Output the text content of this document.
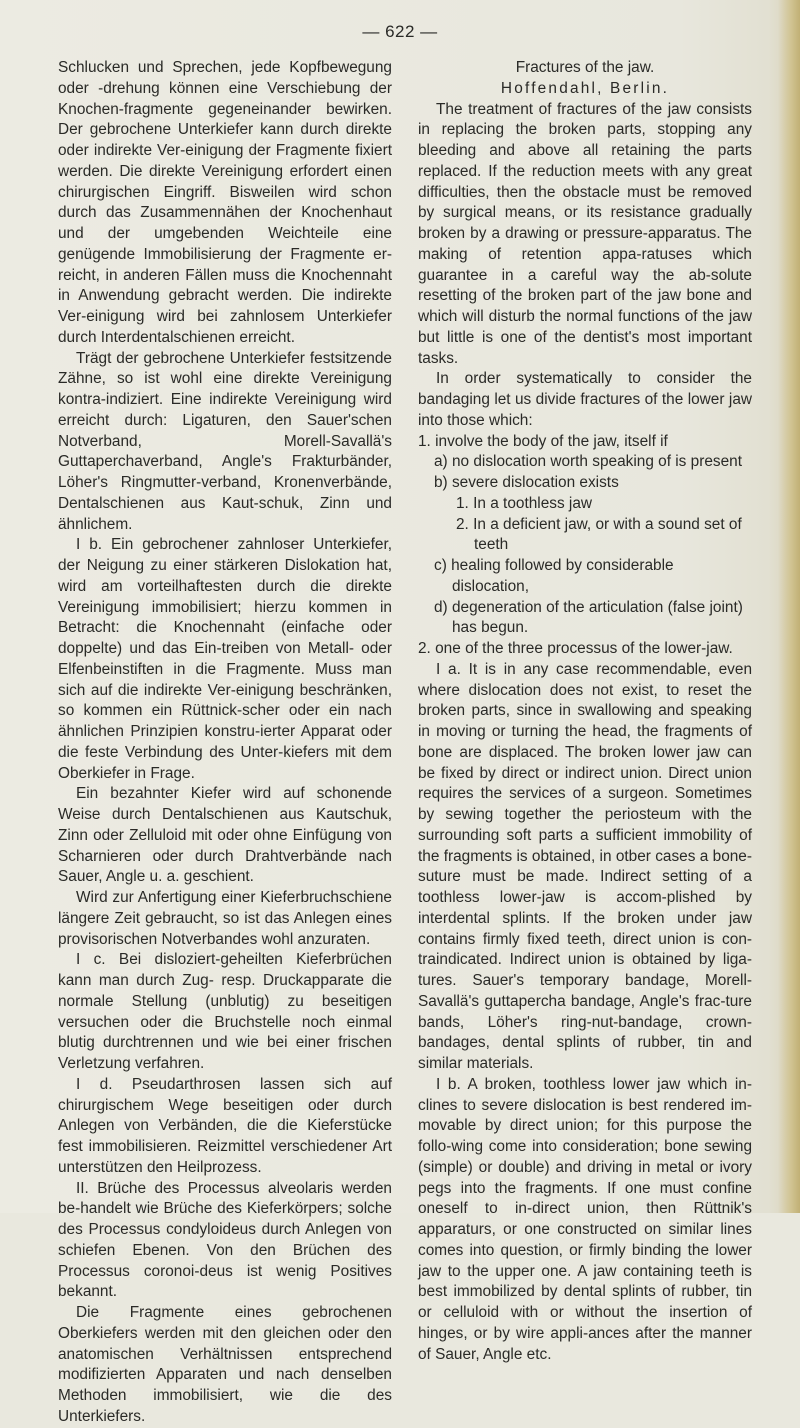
— 622 —

Schlucken und Sprechen, jede Kopfbewegung oder -drehung können eine Verschiebung der Knochen-fragmente gegeneinander bewirken. Der gebrochene Unterkiefer kann durch direkte oder indirekte Ver-einigung der Fragmente fixiert werden. Die direkte Vereinigung erfordert einen chirurgischen Eingriff. Bisweilen wird schon durch das Zusammennähen der Knochenhaut und der umgebenden Weichteile eine genügende Immobilisierung der Fragmente er-reicht, in anderen Fällen muss die Knochennaht in Anwendung gebracht werden. Die indirekte Ver-einigung wird bei zahnlosem Unterkiefer durch Interdentalschienen erreicht.

Trägt der gebrochene Unterkiefer festsitzende Zähne, so ist wohl eine direkte Vereinigung kontra-indiziert. Eine indirekte Vereinigung wird erreicht durch: Ligaturen, den Sauer'schen Notverband, Morell-Savallä's Guttaperchaverband, Angle's Frakturbänder, Löher's Ringmutter-verband, Kronenverbände, Dentalschienen aus Kaut-schuk, Zinn und ähnlichem.

I b. Ein gebrochener zahnloser Unterkiefer, der Neigung zu einer stärkeren Dislokation hat, wird am vorteilhaftesten durch die direkte Vereinigung immobilisiert; hierzu kommen in Betracht: die Knochennaht (einfache oder doppelte) und das Ein-treiben von Metall- oder Elfenbeinstiften in die Fragmente. Muss man sich auf die indirekte Ver-einigung beschränken, so kommen ein Rüttnick-scher oder ein nach ähnlichen Prinzipien konstru-ierter Apparat oder die feste Verbindung des Unter-kiefers mit dem Oberkiefer in Frage.

Ein bezahnter Kiefer wird auf schonende Weise durch Dentalschienen aus Kautschuk, Zinn oder Zelluloid mit oder ohne Einfügung von Scharnieren oder durch Drahtverbände nach Sauer, Angle u. a. geschient.

Wird zur Anfertigung einer Kieferbruchschiene längere Zeit gebraucht, so ist das Anlegen eines provisorischen Notverbandes wohl anzuraten.

I c. Bei disloziert-geheilten Kieferbrüchen kann man durch Zug- resp. Druckapparate die normale Stellung (unblutig) zu beseitigen versuchen oder die Bruchstelle noch einmal blutig durchtrennen und wie bei einer frischen Verletzung verfahren.

I d. Pseudarthrosen lassen sich auf chirurgischem Wege beseitigen oder durch Anlegen von Verbänden, die die Kieferstücke fest immobilisieren. Reizmittel verschiedener Art unterstützen den Heilprozess.

II. Brüche des Processus alveolaris werden be-handelt wie Brüche des Kieferkörpers; solche des Processus condyloideus durch Anlegen von schiefen Ebenen. Von den Brüchen des Processus coronoi-deus ist wenig Positives bekannt.

Die Fragmente eines gebrochenen Oberkiefers werden mit den gleichen oder den anatomischen Verhältnissen entsprechend modifizierten Apparaten und nach denselben Methoden immobilisiert, wie die des Unterkiefers.

Fractures of the jaw.

Hoffendahl, Berlin.

The treatment of fractures of the jaw consists in replacing the broken parts, stopping any bleeding and above all retaining the parts replaced. If the reduction meets with any great difficulties, then the obstacle must be removed by surgical means, or its resistance gradually broken by a drawing or pressure-apparatus. The making of retention appa-ratuses which guarantee in a careful way the ab-solute resetting of the broken part of the jaw bone and which will disturb the normal functions of the jaw but little is one of the dentist's most important tasks.

In order systematically to consider the bandaging let us divide fractures of the lower jaw into those which:

1. involve the body of the jaw, itself if

a) no dislocation worth speaking of is present

b) severe dislocation exists

1. In a toothless jaw

2. In a deficient jaw, or with a sound set of teeth

c) healing followed by considerable dislocation,

d) degeneration of the articulation (false joint) has begun.

2. one of the three processus of the lower-jaw.

I a. It is in any case recommendable, even where dislocation does not exist, to reset the broken parts, since in swallowing and speaking in moving or turning the head, the fragments of bone are displaced. The broken lower jaw can be fixed by direct or indirect union. Direct union requires the services of a surgeon. Sometimes by sewing together the periosteum with the surrounding soft parts a sufficient immobility of the fragments is obtained, in otber cases a bone-suture must be made. Indirect setting of a toothless lower-jaw is accom-plished by interdental splints. If the broken under jaw contains firmly fixed teeth, direct union is con-traindicated. Indirect union is obtained by liga-tures. Sauer's temporary bandage, Morell-Savallä's guttapercha bandage, Angle's frac-ture bands, Löher's ring-nut-bandage, crown-bandages, dental splints of rubber, tin and similar materials.

I b. A broken, toothless lower jaw which in-clines to severe dislocation is best rendered im-movable by direct union; for this purpose the follo-wing come into consideration; bone sewing (simple) or double) and driving in metal or ivory pegs into the fragments. If one must confine oneself to in-direct union, then Rüttnik's apparaturs, or one constructed on similar lines comes into question, or firmly binding the lower jaw to the upper one. A jaw containing teeth is best immobilized by dental splints of rubber, tin or celluloid with or without the insertion of hinges, or by wire appli-ances after the manner of Sauer, Angle etc.
